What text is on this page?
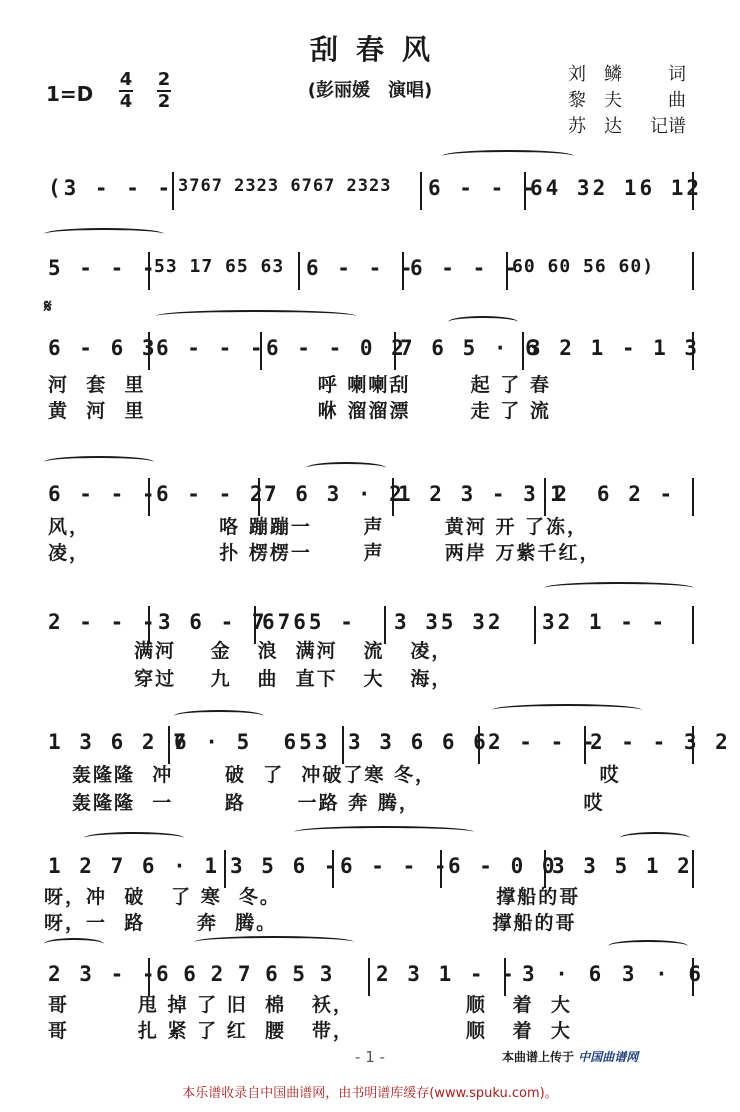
刮春风
(彭丽媛　演唱)
1=D
4
4
2
2
刘　鳞	词
黎　夫	曲
苏　达 记谱
(3 - - - 3767 2323 6767 2323 6 - - -
64 32 16 12
5 - - -
53 17 65 63 6 - - -
6 - - -
60 60 56 60)
𝄋
6 - 6 3
6 - - - 6 - - 0 2
7 6 5 · 6
3 2 1 - 1 3
河  套  里                    呼 喇喇刮       起 了 春
黄  河  里                    咻 溜溜漂       走 了 流
6 - - -
6 - - 2
7 6 3 · 2
1 2 3 - 3 2
1  6 2 -
风，               咯 蹦蹦一      声       黄河 开 了冻，
凌，               扑 楞楞一      声       两岸 万紫千红，
2 - - - 3 6 - 7
6765 - 3 35 32 32 1 - -
满河    金   浪  满河   流   凌，
穿过    九   曲  直下   大   海，
1 3 6 2 7
6 · 5  653 3 3 6 6 6 2 - - -
2 - - 3 2
轰隆隆  冲      破  了  冲破了寒 冬，                   哎
轰隆隆  一      路      一路 奔 腾，                   哎
1 2 7 6 · 1 3 5 6 - 6 - - -
6 - 0 0
3 3 5 1 2
呀，冲  破   了 寒  冬。                         撑船的哥
呀，一  路      奔  腾。                         撑船的哥
2 3 - -
6 6 2 7 6 5 3 2 3 1 - - 3 · 6 3 · 6
哥        甩 掉 了 旧  棉   袄，             顺   着  大
哥        扎 紧 了 红  腰   带，             顺   着  大
- 1 -	本曲谱上传于 中国曲谱网
本乐谱收录自中国曲谱网，由书明谱库缓存(www.spuku.com)。
